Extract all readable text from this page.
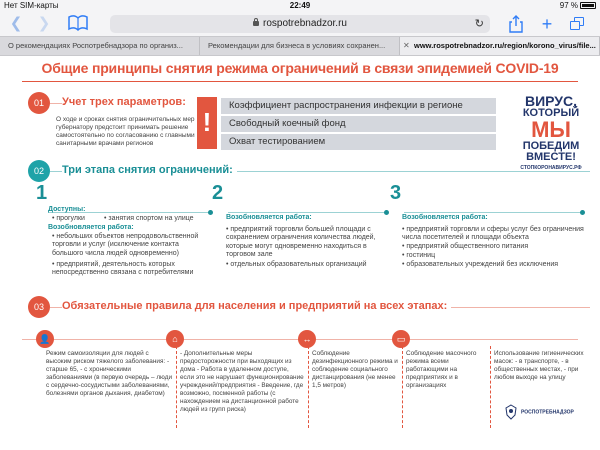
Нет SIM-карты	22:49	97 %
❮ ❯	rospotrebnadzor.ru	↻	+
О рекомендациях Роспотребнадзора по организ...	Рекомендации для бизнеса в условиях сохранен...	✕ www.rospotrebnadzor.ru/region/korono_virus/file...
Общие принципы снятия режима ограничений в связи эпидемией COVID-19
01	Учет трех параметров:
О ходе и сроках снятия ограничительных мер губернатору предстоит принимать решение самостоятельно по согласованию с главными санитарными врачами регионов
!
Коэффициент распространения инфекции в регионе
Свободный коечный фонд
Охват тестированием
ВИРУС,
КОТОРЫЙ
МЫ
ПОБЕДИМ
ВМЕСТЕ!
СТОПКОРОНАВИРУС.РФ
02	Три этапа снятия ограничений:
1	2	3
Доступны:
• прогулки	• занятия спортом на улице
Возобновляется работа:
• небольших объектов непродовольственной торговли и услуг (исключение контакта большого числа людей одновременно)
• предприятий, деятельность которых непосредственно связана с потребителями
Возобновляется работа:
• предприятий торговли большей площади с сохранением ограничения количества людей, которые могут одновременно находиться в торговом зале
• отдельных образовательных организаций
Возобновляется работа:
• предприятий торговли и сферы услуг без ограничения числа посетителей и площади объекта
• предприятий общественного питания
• гостиниц
• образовательных учреждений без исключения
03	Обязательные правила для населения и предприятий на всех этапах:
👤	⌂	↔	▭
Режим самоизоляции для людей с высоким риском тяжелого заболевания: - старше 65, - с хроническими заболеваниями (в первую очередь – люди с сердечно-сосудистыми заболеваниями, болезнями органов дыхания, диабетом)
- Дополнительные меры предосторожности при выходящих из дома - Работа в удаленном доступе, если это не нарушает функционирование учреждений/предприятия - Введение, где возможно, посменной работы (с нахождением на дистанционной работе людей из групп риска)
Соблюдение дезинфекционного режима и соблюдение социального дистанцирования (не менее 1,5 метров)
Соблюдение масочного режима всеми работающими на предприятиях и в организациях
Использование гигиенических масок: - в транспорте, - в общественных местах, - при любом выходе на улицу
РОСПОТРЕБНАДЗОР
